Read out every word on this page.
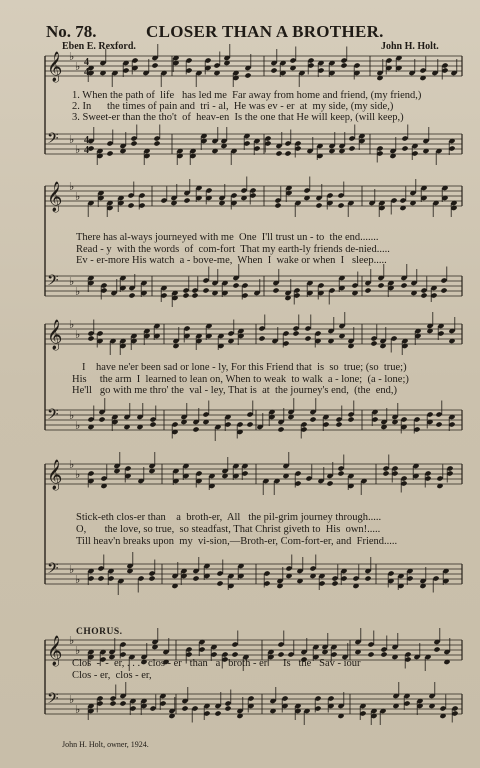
No. 78.	CLOSER THAN A BROTHER.
Eben E. Rexford.	John H. Holt.
𝄞 ♭
♭
𝄢 ♭
♭
4
4
4
4
1. When the path of  life   has led me  Far away from home and friend, (my friend,)
2. In      the times of pain and  tri - al,  He was ev - er  at  my side, (my side,)
3. Sweet-er than the tho't  of  heav-en  Is the one that He will keep, (will keep,)
𝄞 ♭
♭
𝄢 ♭
♭
There has al-ways journeyed with me  One  I'll trust un - to  the end.......
Read - y  with the words  of  com-fort  That my earth-ly friends de-nied.....
Ev - er-more His watch  a - bove-me,  When  I  wake or when  I   sleep.....
𝄞 ♭
♭
𝄢 ♭
♭
I    have ne'er been sad or lone - ly, For this Friend that  is  so  true; (so  true;)
His     the arm  I  learned to lean on, When to weak  to walk  a - lone;  (a - lone;)
He'll   go with me thro' the  val - ley, That is  at  the journey's end,  (the  end,)
𝄞 ♭
♭
𝄢 ♭
♭
Stick-eth clos-er than    a  broth-er,  All   the pil-grim journey through.....
O,       the love, so true,  so steadfast, That Christ giveth to  His  own!.....
Till heav'n breaks upon  my  vi-sion,—Broth-er, Com-fort-er, and  Friend.....
CHORUS.
𝄞 ♭
♭
𝄢 ♭
♭
Clos  -  -  er, . . .   clos - er   than   a   broth - er      Is   the   Sav - iour
Clos - er,  clos - er,
John H. Holt, owner, 1924.
